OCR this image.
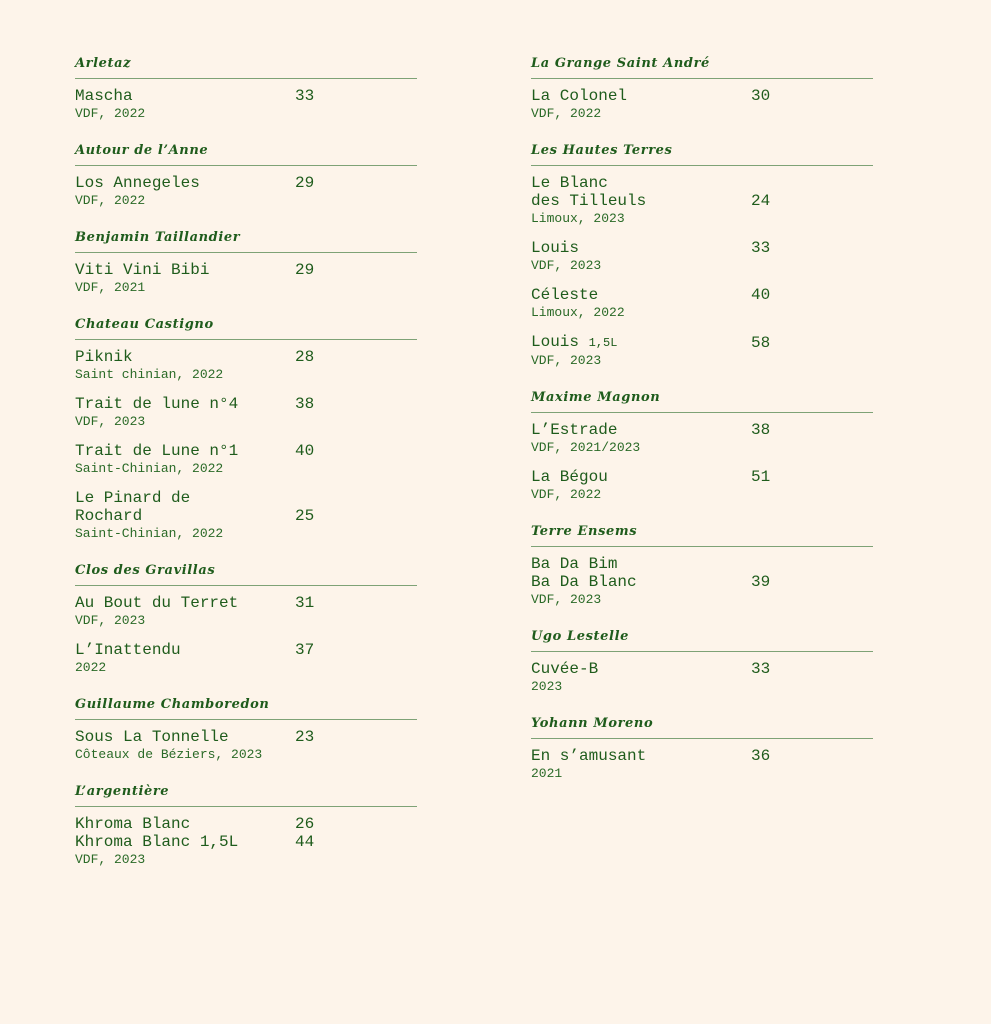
Arletaz
Mascha	33
VDF, 2022
Autour de l’Anne
Los Annegeles	29
VDF, 2022
Benjamin Taillandier
Viti Vini Bibi	29
VDF, 2021
Chateau Castigno
Piknik	28
Saint chinian, 2022
Trait de lune n°4	38
VDF, 2023
Trait de Lune n°1	40
Saint-Chinian, 2022
Le Pinard de
Rochard	25
Saint-Chinian, 2022
Clos des Gravillas
Au Bout du Terret	31
VDF, 2023
L’Inattendu	37
2022
Guillaume Chamboredon
Sous La Tonnelle	23
Côteaux de Béziers, 2023
L’argentière
Khroma Blanc	26
Khroma Blanc 1,5L	44
VDF, 2023
La Grange Saint André
La Colonel	30
VDF, 2022
Les Hautes Terres
Le Blanc
des Tilleuls	24
Limoux, 2023
Louis	33
VDF, 2023
Céleste	40
Limoux, 2022
Louis 1,5L	58
VDF, 2023
Maxime Magnon
L’Estrade	38
VDF, 2021/2023
La Bégou	51
VDF, 2022
Terre Ensems
Ba Da Bim
Ba Da Blanc	39
VDF, 2023
Ugo Lestelle
Cuvée-B	33
2023
Yohann Moreno
En s’amusant	36
2021
